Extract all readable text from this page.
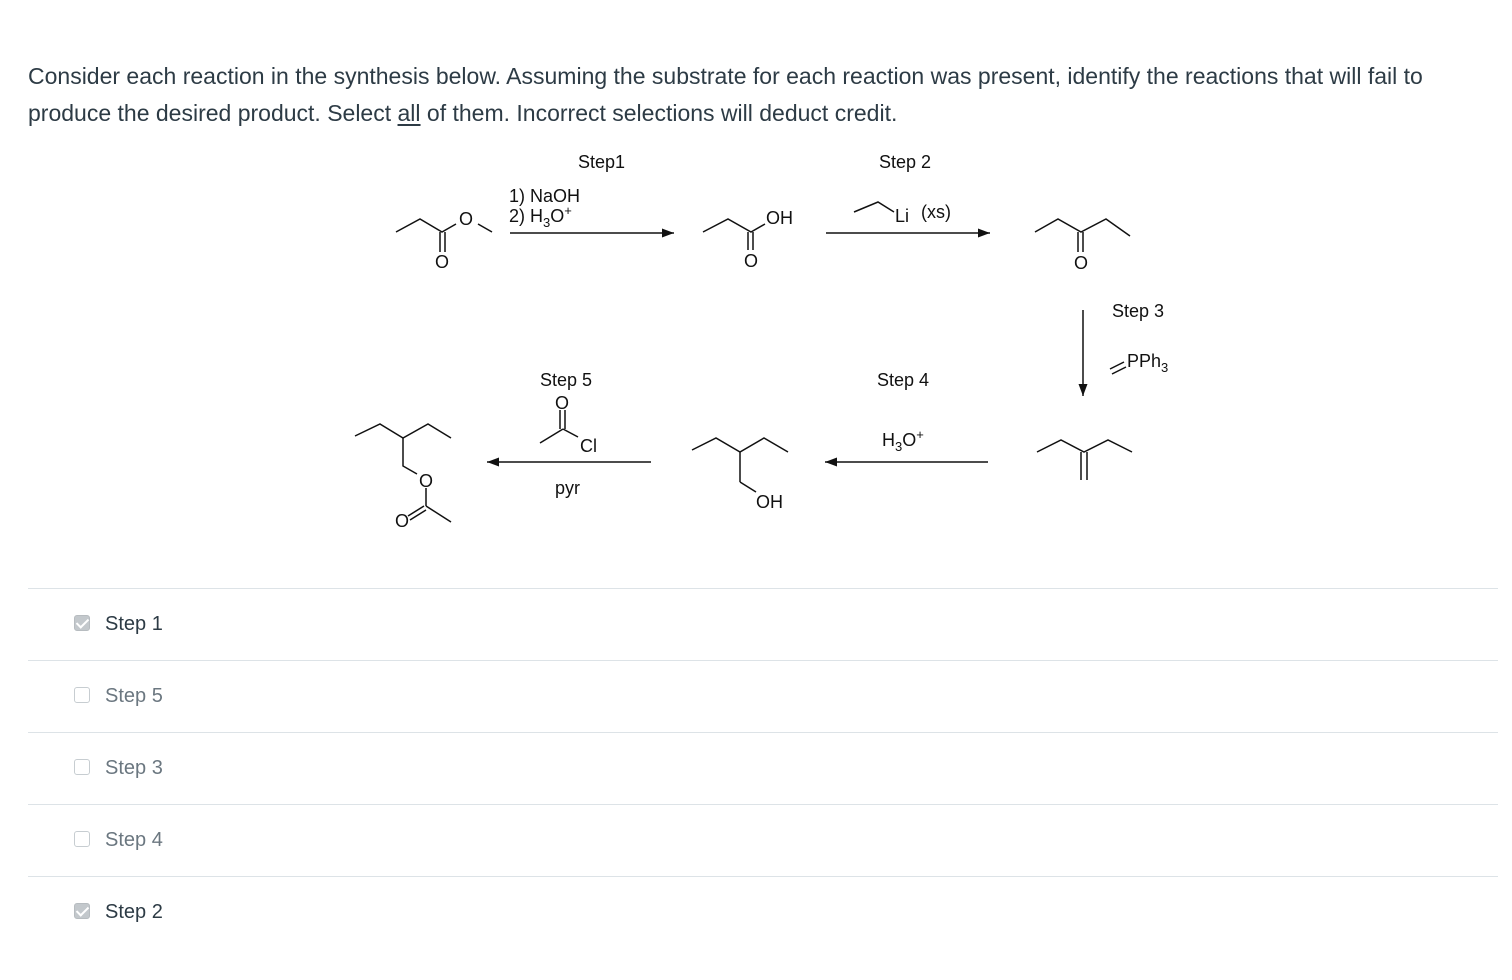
Consider each reaction in the synthesis below. Assuming the substrate for each reaction was present, identify the reactions that will fail to produce the desired product. Select all of them. Incorrect selections will deduct credit.

O
O
OH
O	O
OH
O
O
O
Cl
Step1
1) NaOH
2) $H_3O^+$
Step 2
Li (xs)
Step 3
PPh$_3$
Step 4
$H_3O^+$
Step 5
pyr
Step 1
Step 5
Step 3
Step 4
Step 2
